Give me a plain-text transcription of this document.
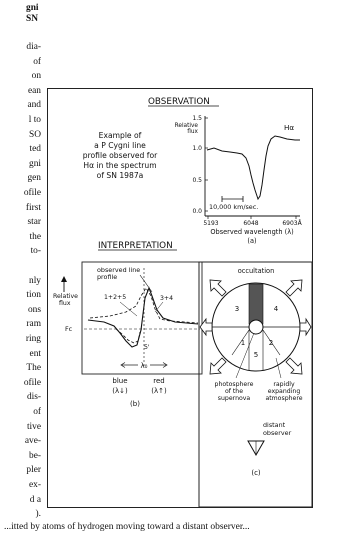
gni
SN
dia-
of
on
ean
and
l to
SO
ted
gni
gen
ofile
first
star
the
to-
nly
tion
ons
ram
ring
ent
The
ofile
dis-
of
tive
ave-
be-
pler
ex-
d a
).
OBSERVATION
Example of
a P Cygni line
profile observed for
Hα in the spectrum
of SN 1987a
Relative
flux
1.5
1.0
0.5
0.0
Hα
10,000 km/sec.
5193	6048	6903Å
Observed wavelength (λ)
(a)
INTERPRETATION
Relative
flux
Fc
observed line
profile
1+2+5	3+4
5'
λ₀
blue
(λ↓)
red
(λ↑)
(b)
occultation
3	4
1	2
5
photosphere
of the
supernova
rapidly
expanding
atmosphere
distant
observer
(c)
...itted by atoms of hydrogen moving toward a distant observer...
